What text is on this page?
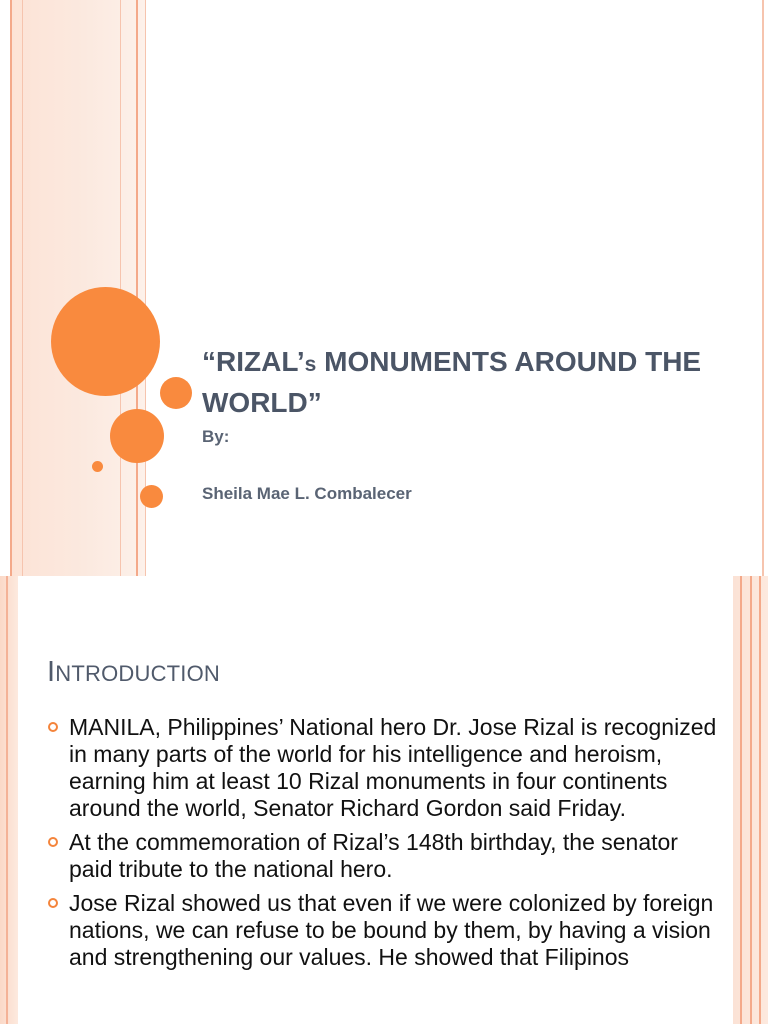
“RIZAL’s MONUMENTS AROUND THE WORLD”

By:

Sheila Mae L. Combalecer

INTRODUCTION
MANILA, Philippines’ National hero Dr. Jose Rizal is recognized in many parts of the world for his intelligence and heroism, earning him at least 10 Rizal monuments in four continents around the world, Senator Richard Gordon said Friday.
At the commemoration of Rizal’s 148th birthday, the senator paid tribute to the national hero.
Jose Rizal showed us that even if we were colonized by foreign nations, we can refuse to be bound by them, by having a vision and strengthening our values. He showed that Filipinos
